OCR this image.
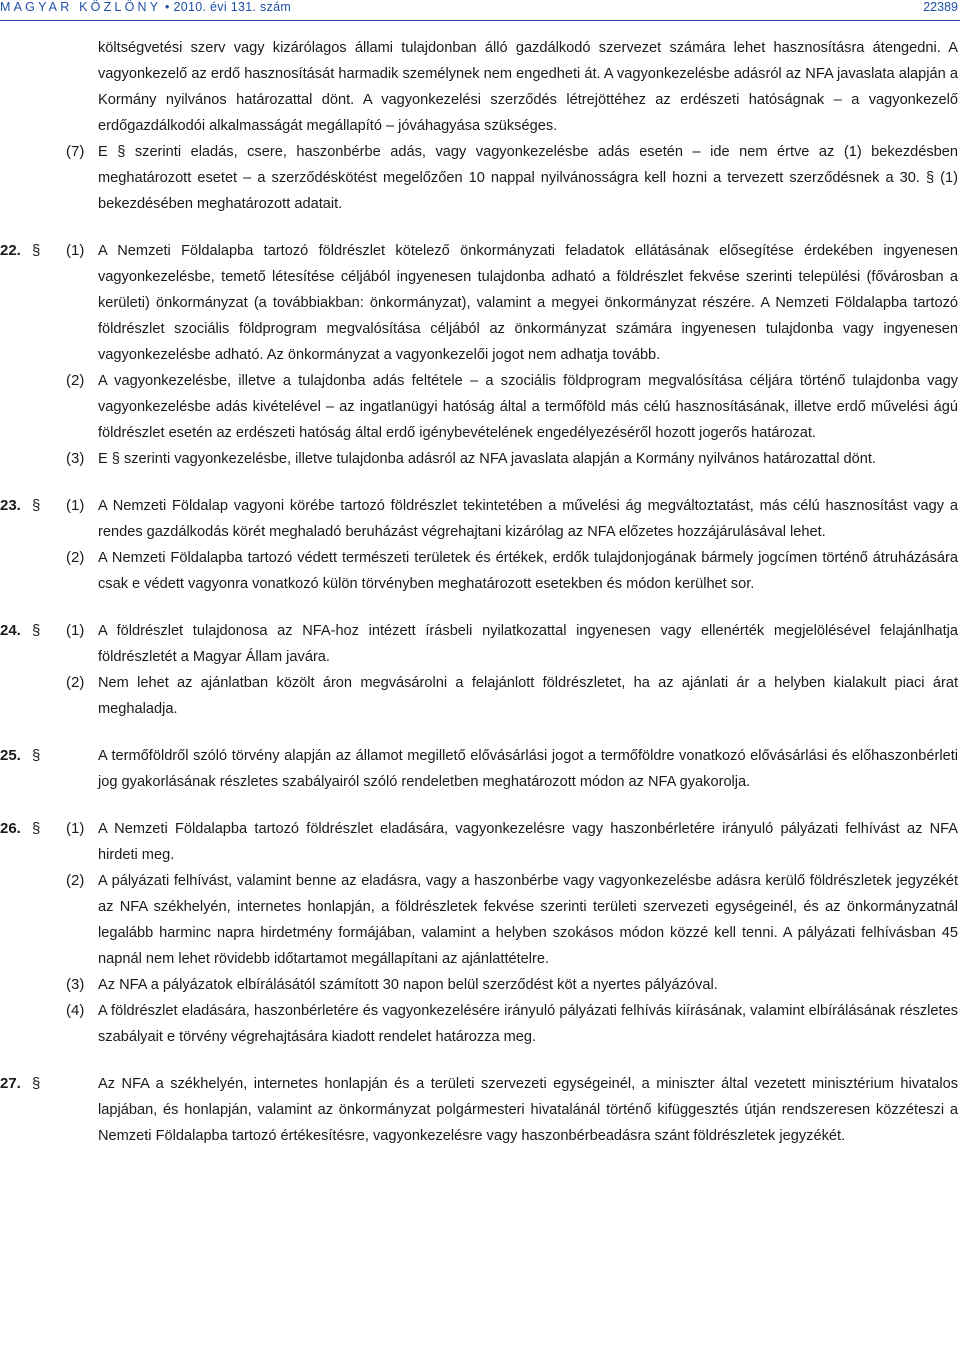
MAGYAR KÖZLÖNY • 2010. évi 131. szám	22389
költségvetési szerv vagy kizárólagos állami tulajdonban álló gazdálkodó szervezet számára lehet hasznosításra átengedni. A vagyonkezelő az erdő hasznosítását harmadik személynek nem engedheti át. A vagyonkezelésbe adásról az NFA javaslata alapján a Kormány nyilvános határozattal dönt. A vagyonkezelési szerződés létrejöttéhez az erdészeti hatóságnak – a vagyonkezelő erdőgazdálkodói alkalmasságát megállapító – jóváhagyása szükséges.
(7) E § szerinti eladás, csere, haszonbérbe adás, vagy vagyonkezelésbe adás esetén – ide nem értve az (1) bekezdésben meghatározott esetet – a szerződéskötést megelőzően 10 nappal nyilvánosságra kell hozni a tervezett szerződésnek a 30. § (1) bekezdésében meghatározott adatait.
22. § (1) A Nemzeti Földalapba tartozó földrészlet kötelező önkormányzati feladatok ellátásának elősegítése érdekében ingyenesen vagyonkezelésbe, temető létesítése céljából ingyenesen tulajdonba adható a földrészlet fekvése szerinti települési (fővárosban a kerületi) önkormányzat (a továbbiakban: önkormányzat), valamint a megyei önkormányzat részére. A Nemzeti Földalapba tartozó földrészlet szociális földprogram megvalósítása céljából az önkormányzat számára ingyenesen tulajdonba vagy ingyenesen vagyonkezelésbe adható. Az önkormányzat a vagyonkezelői jogot nem adhatja tovább.
(2) A vagyonkezelésbe, illetve a tulajdonba adás feltétele – a szociális földprogram megvalósítása céljára történő tulajdonba vagy vagyonkezelésbe adás kivételével – az ingatlanügyi hatóság által a termőföld más célú hasznosításának, illetve erdő művelési ágú földrészlet esetén az erdészeti hatóság által erdő igénybevételének engedélyezéséről hozott jogerős határozat.
(3) E § szerinti vagyonkezelésbe, illetve tulajdonba adásról az NFA javaslata alapján a Kormány nyilvános határozattal dönt.
23. § (1) A Nemzeti Földalap vagyoni körébe tartozó földrészlet tekintetében a művelési ág megváltoztatást, más célú hasznosítást vagy a rendes gazdálkodás körét meghaladó beruházást végrehajtani kizárólag az NFA előzetes hozzájárulásával lehet.
(2) A Nemzeti Földalapba tartozó védett természeti területek és értékek, erdők tulajdonjogának bármely jogcímen történő átruházására csak e védett vagyonra vonatkozó külön törvényben meghatározott esetekben és módon kerülhet sor.
24. § (1) A földrészlet tulajdonosa az NFA-hoz intézett írásbeli nyilatkozattal ingyenesen vagy ellenérték megjelölésével felajánlhatja földrészletét a Magyar Állam javára.
(2) Nem lehet az ajánlatban közölt áron megvásárolni a felajánlott földrészletet, ha az ajánlati ár a helyben kialakult piaci árat meghaladja.
25. §	A termőföldről szóló törvény alapján az államot megillető elővásárlási jogot a termőföldre vonatkozó elővásárlási és előhaszonbérleti jog gyakorlásának részletes szabályairól szóló rendeletben meghatározott módon az NFA gyakorolja.
26. § (1) A Nemzeti Földalapba tartozó földrészlet eladására, vagyonkezelésre vagy haszonbérletére irányuló pályázati felhívást az NFA hirdeti meg.
(2) A pályázati felhívást, valamint benne az eladásra, vagy a haszonbérbe vagy vagyonkezelésbe adásra kerülő földrészletek jegyzékét az NFA székhelyén, internetes honlapján, a földrészletek fekvése szerinti területi szervezeti egységeinél, és az önkormányzatnál legalább harminc napra hirdetmény formájában, valamint a helyben szokásos módon közzé kell tenni. A pályázati felhívásban 45 napnál nem lehet rövidebb időtartamot megállapítani az ajánlattételre.
(3) Az NFA a pályázatok elbírálásától számított 30 napon belül szerződést köt a nyertes pályázóval.
(4) A földrészlet eladására, haszonbérletére és vagyonkezelésére irányuló pályázati felhívás kiírásának, valamint elbírálásának részletes szabályait e törvény végrehajtására kiadott rendelet határozza meg.
27. §	Az NFA a székhelyén, internetes honlapján és a területi szervezeti egységeinél, a miniszter által vezetett minisztérium hivatalos lapjában, és honlapján, valamint az önkormányzat polgármesteri hivatalánál történő kifüggesztés útján rendszeresen közzéteszi a Nemzeti Földalapba tartozó értékesítésre, vagyonkezelésre vagy haszonbérbeadásra szánt földrészletek jegyzékét.
